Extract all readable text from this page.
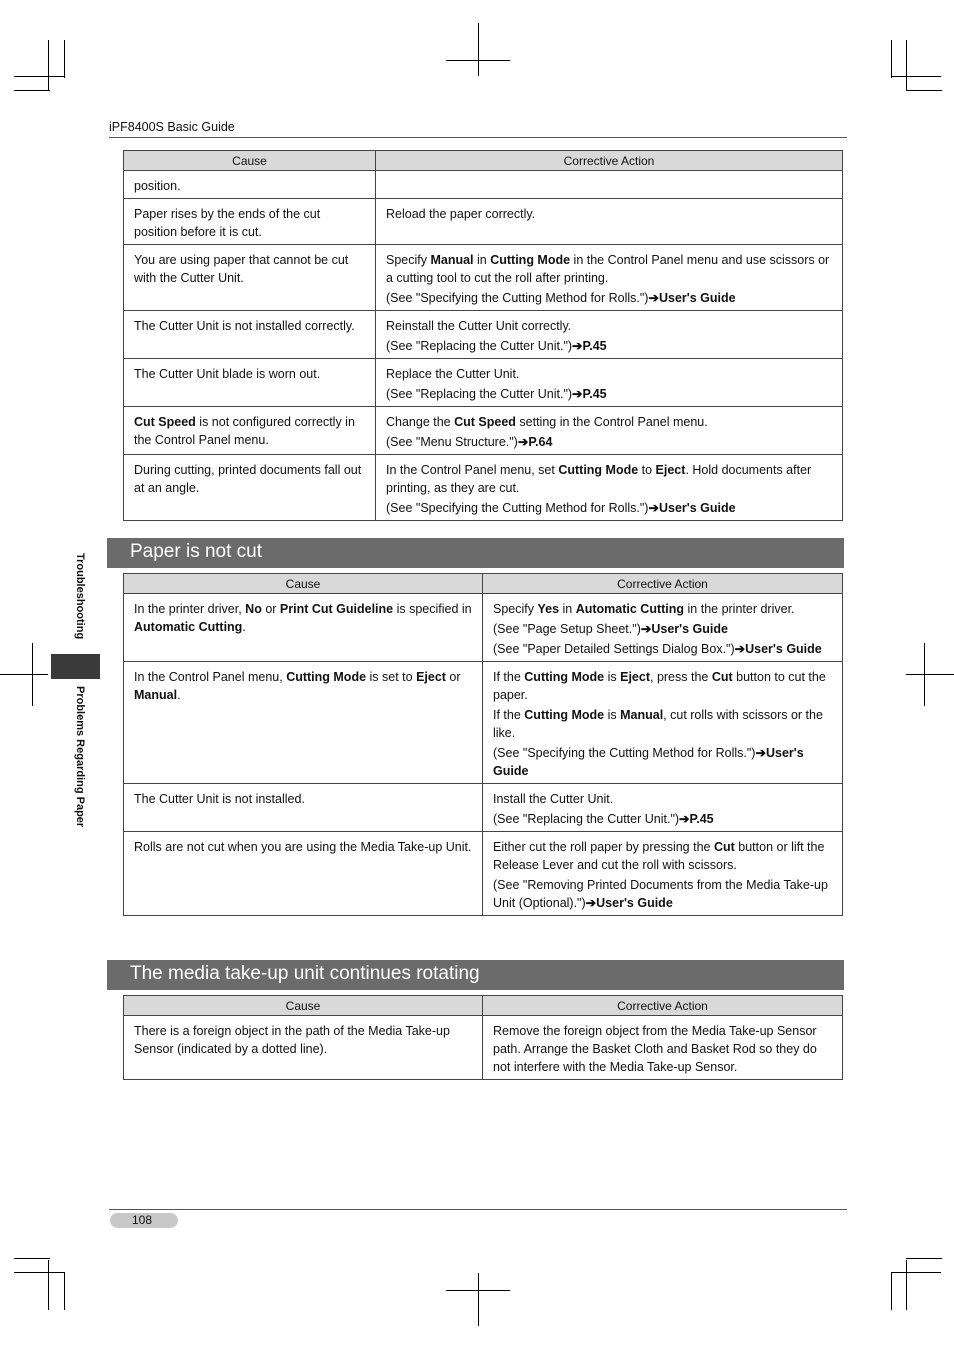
iPF8400S Basic Guide
Cause	Corrective Action

position.	

Paper rises by the ends of the cut position before it is cut.	Reload the paper correctly.

You are using paper that cannot be cut with the Cutter Unit.	Specify Manual in Cutting Mode in the Control Panel menu and use scissors or a cutting tool to cut the roll after printing.

(See "Specifying the Cutting Method for Rolls.")➔User's Guide

The Cutter Unit is not installed correctly.	Reinstall the Cutter Unit correctly.

(See "Replacing the Cutter Unit.")➔P.45

The Cutter Unit blade is worn out.	Replace the Cutter Unit.

(See "Replacing the Cutter Unit.")➔P.45

Cut Speed is not configured correctly in the Control Panel menu.	Change the Cut Speed setting in the Control Panel menu.

(See "Menu Structure.")➔P.64

During cutting, printed documents fall out at an angle.	In the Control Panel menu, set Cutting Mode to Eject. Hold documents after printing, as they are cut.

(See "Specifying the Cutting Method for Rolls.")➔User's Guide

Paper is not cut
Cause	Corrective Action

In the printer driver, No or Print Cut Guideline is specified in Automatic Cutting.	Specify Yes in Automatic Cutting in the printer driver.

(See "Page Setup Sheet.")➔User's Guide

(See "Paper Detailed Settings Dialog Box.")➔User's Guide

In the Control Panel menu, Cutting Mode is set to Eject or Manual.	If the Cutting Mode is Eject, press the Cut button to cut the paper.

If the Cutting Mode is Manual, cut rolls with scissors or the like.

(See "Specifying the Cutting Method for Rolls.")➔User's Guide

The Cutter Unit is not installed.	Install the Cutter Unit.

(See "Replacing the Cutter Unit.")➔P.45

Rolls are not cut when you are using the Media Take-up Unit.	Either cut the roll paper by pressing the Cut button or lift the Release Lever and cut the roll with scissors.

(See "Removing Printed Documents from the Media Take-up Unit (Optional).")➔User's Guide

The media take-up unit continues rotating
Cause	Corrective Action

There is a foreign object in the path of the Media Take-up Sensor (indicated by a dotted line).	Remove the foreign object from the Media Take-up Sensor path. Arrange the Basket Cloth and Basket Rod so they do not interfere with the Media Take-up Sensor.

Troubleshooting
Problems Regarding Paper
108
